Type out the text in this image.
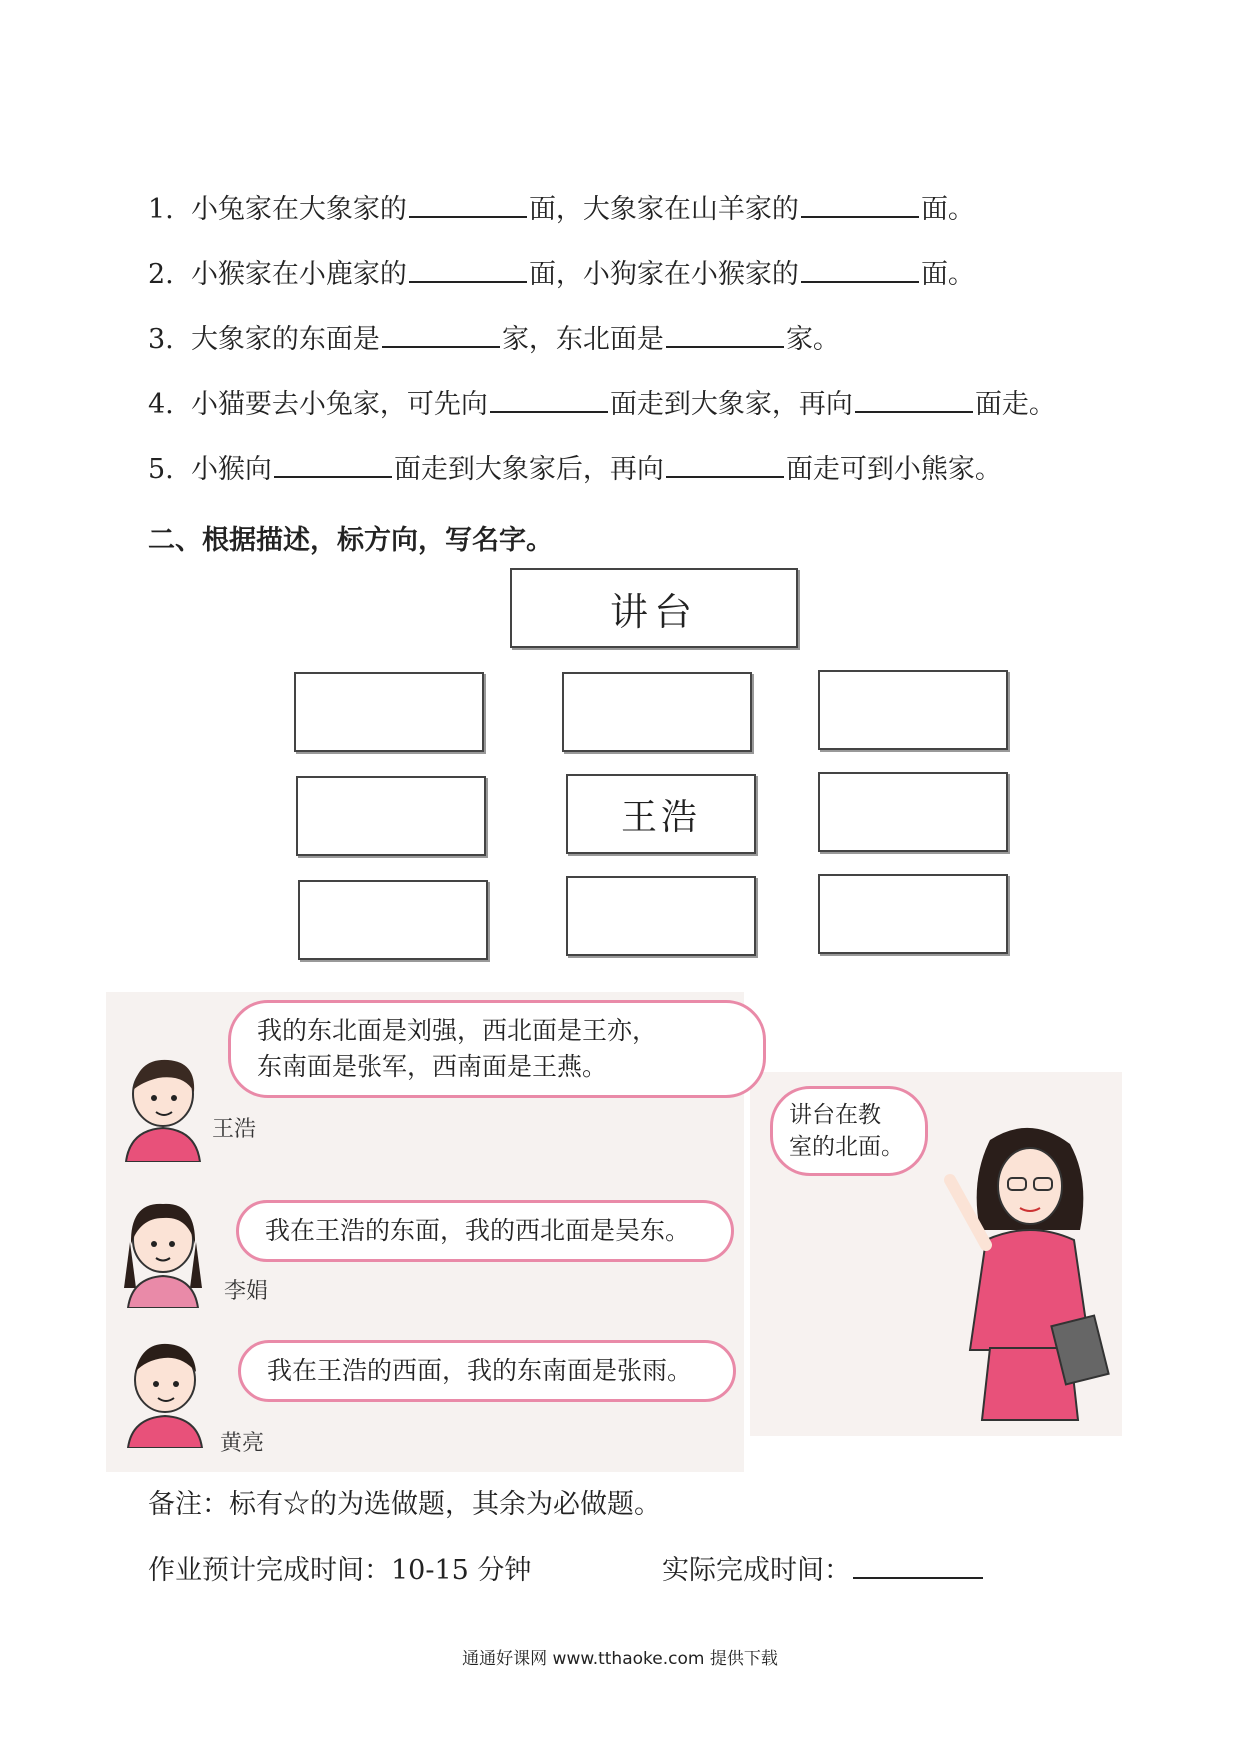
1. 小兔家在大象家的	面，大象家在山羊家的	面。
2. 小猴家在小鹿家的	面，小狗家在小猴家的	面。
3. 大象家的东面是	家，东北面是	家。
4. 小猫要去小兔家，可先向	面走到大象家，再向	面走。
5. 小猴向	面走到大象家后，再向	面走可到小熊家。
二、根据描述，标方向，写名字。
讲台
王浩
我的东北面是刘强，西北面是王亦，
东南面是张军，西南面是王燕。
王浩
我在王浩的东面，我的西北面是吴东。
李娟
我在王浩的西面，我的东南面是张雨。
黄亮
讲台在教
室的北面。
备注：标有☆的为选做题，其余为必做题。
作业预计完成时间：10-15 分钟	实际完成时间：
通通好课网 www.tthaoke.com 提供下载
